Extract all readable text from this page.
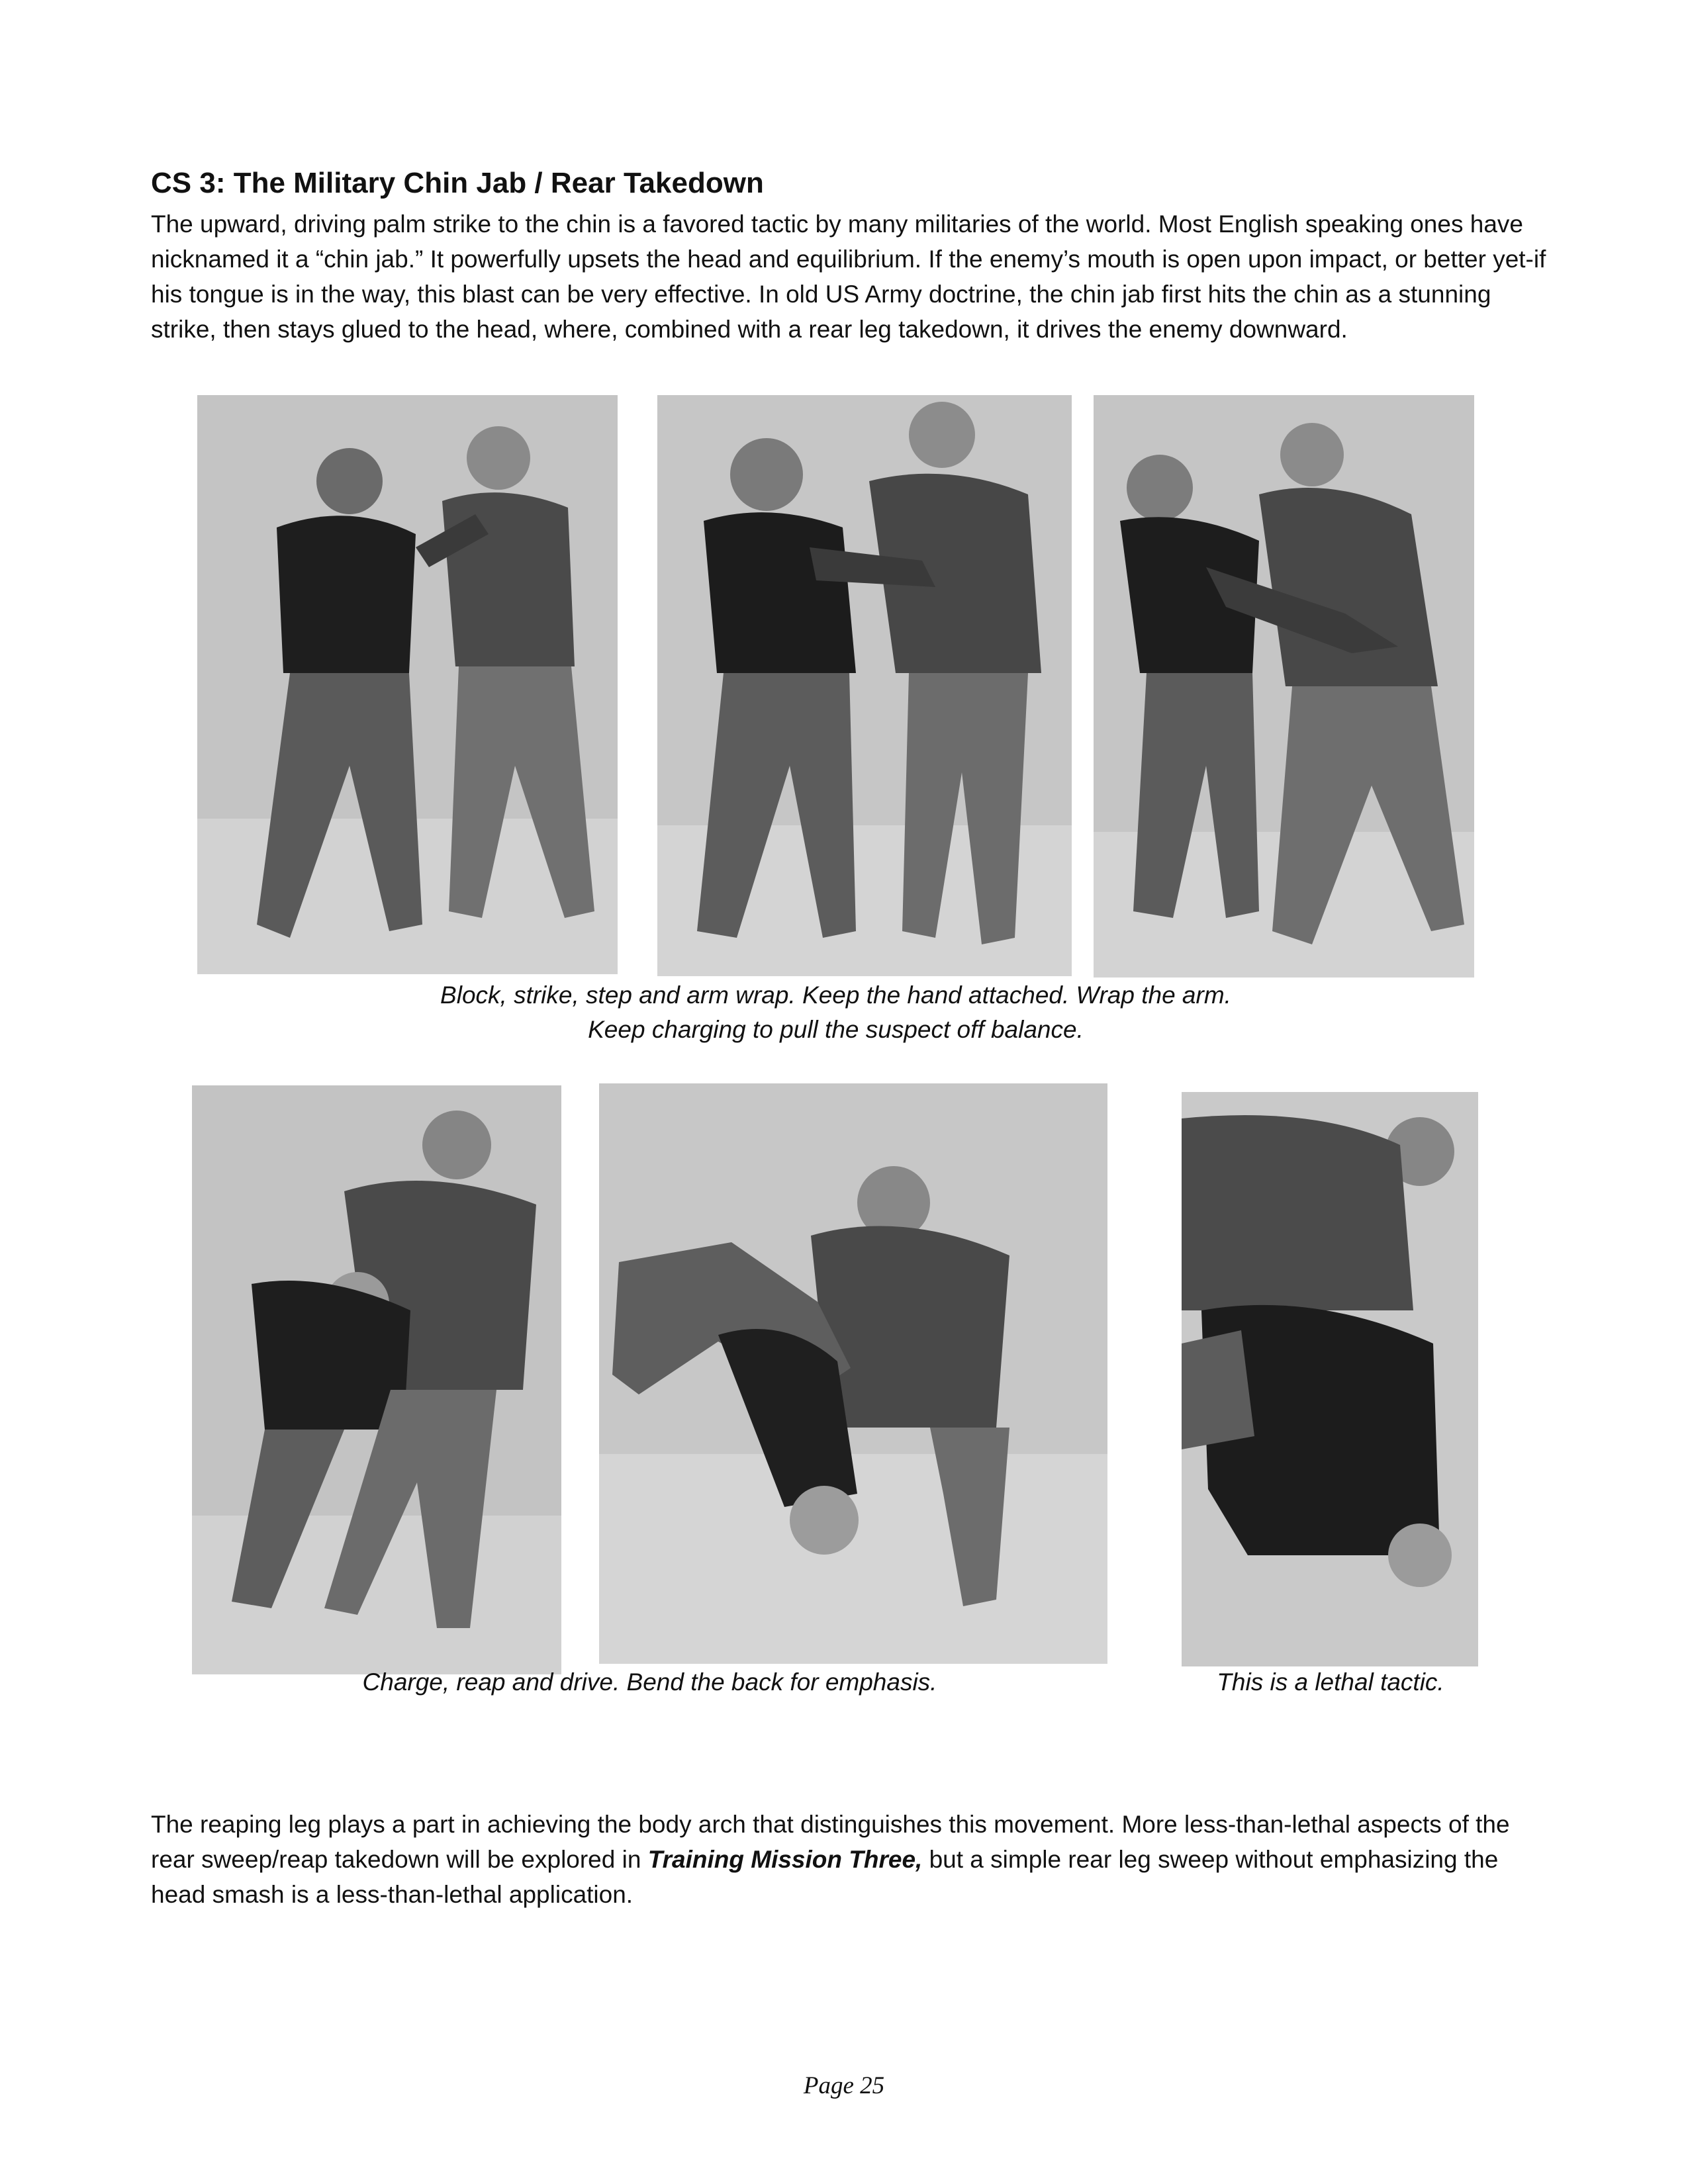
CS 3: The Military Chin Jab / Rear Takedown

The upward, driving palm strike to the chin is a favored tactic by many militaries of the world. Most English speaking ones have nicknamed it a “chin jab.” It powerfully upsets the head and equilibrium. If the enemy’s mouth is open upon impact, or better yet-if his tongue is in the way, this blast can be very effective. In old US Army doctrine, the chin jab first hits the chin as a stunning strike, then stays glued to the head, where, combined with a rear leg takedown, it drives the enemy downward.

Block, strike, step and arm wrap. Keep the hand attached. Wrap the arm.

Keep charging to pull the suspect off balance.

Charge, reap and drive. Bend the back for emphasis.	This is a lethal tactic.

The reaping leg plays a part in achieving the body arch that distinguishes this movement. More less-than-lethal aspects of the rear sweep/reap takedown will be explored in Training Mission Three, but a simple rear leg sweep without emphasizing the head smash is a less-than-lethal application.

Page 25
